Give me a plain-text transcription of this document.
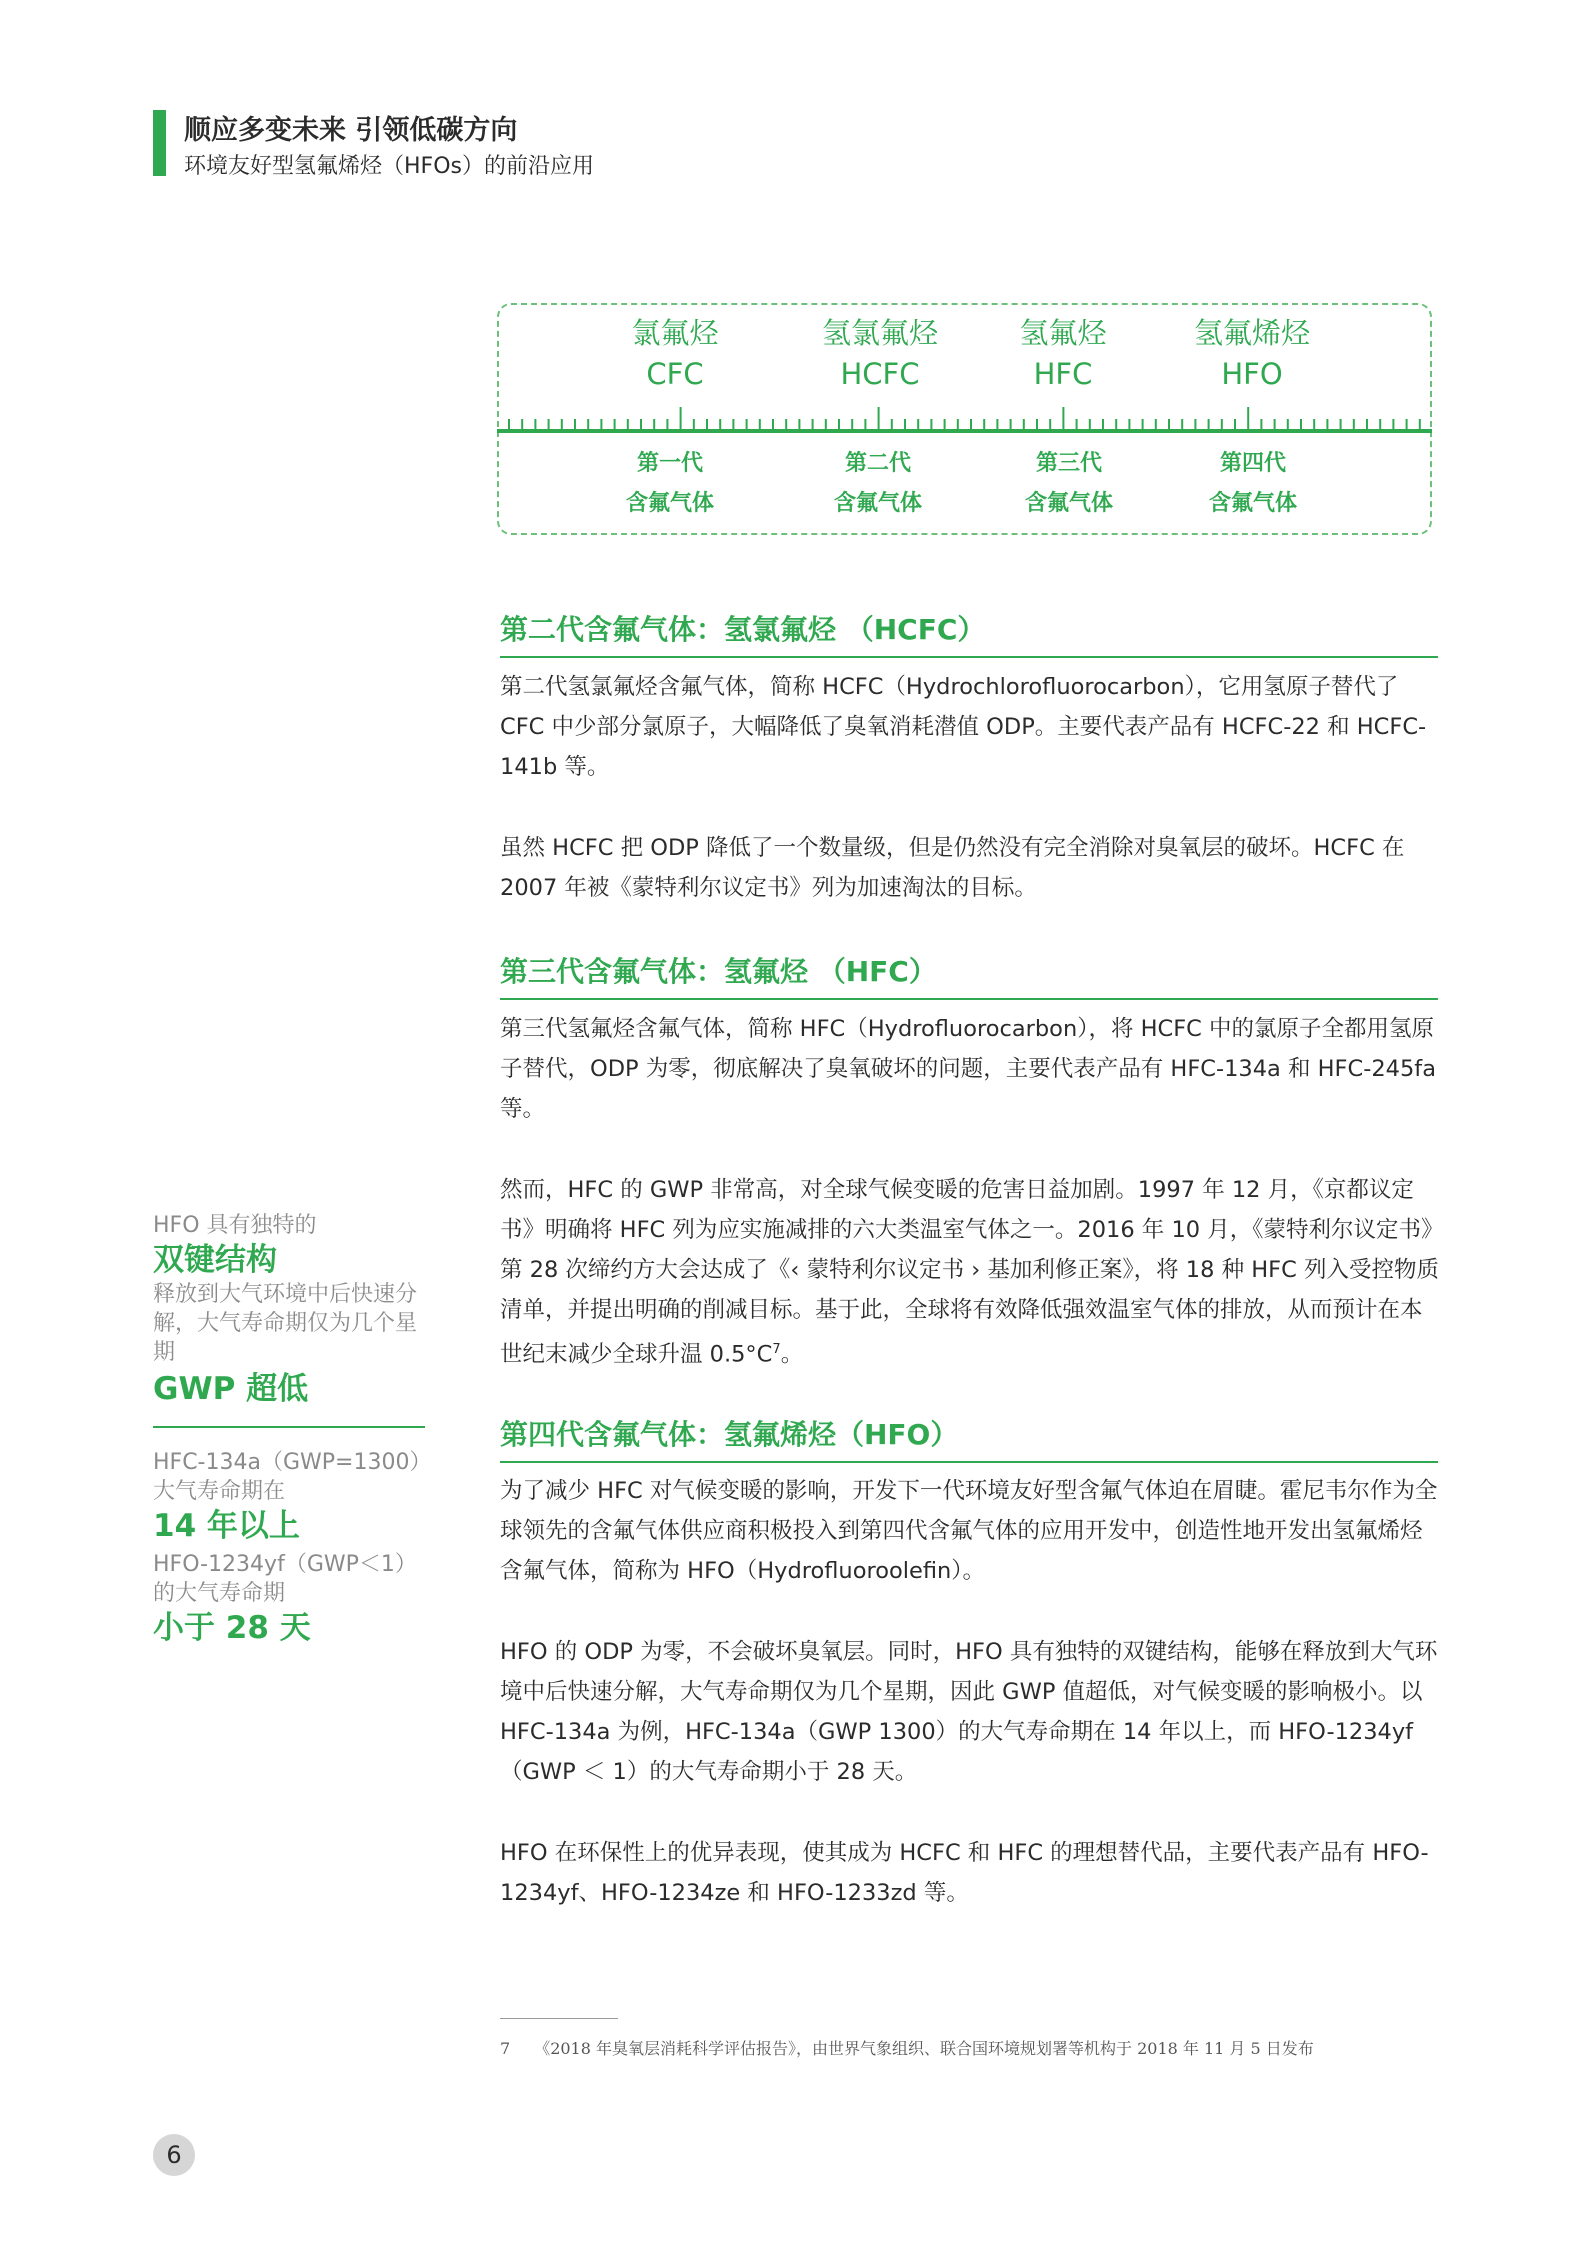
顺应多变未来 引领低碳方向
环境友好型氢氟烯烃（HFOs）的前沿应用
氯氟烃
CFC
氢氯氟烃
HCFC
氢氟烃
HFC
氢氟烯烃
HFO
第一代
含氟气体
第二代
含氟气体
第三代
含氟气体
第四代
含氟气体
第二代含氟气体：氢氯氟烃 （HCFC）
第二代氢氯氟烃含氟气体，简称 HCFC（Hydrochlorofluorocarbon），它用氢原子替代了 CFC 中少部分氯原子，大幅降低了臭氧消耗潜值 ODP。主要代表产品有 HCFC-22 和 HCFC-141b 等。
虽然 HCFC 把 ODP 降低了一个数量级，但是仍然没有完全消除对臭氧层的破坏。HCFC 在 2007 年被《蒙特利尔议定书》列为加速淘汰的目标。
第三代含氟气体：氢氟烃 （HFC）
第三代氢氟烃含氟气体，简称 HFC（Hydrofluorocarbon），将 HCFC 中的氯原子全都用氢原子替代，ODP 为零，彻底解决了臭氧破坏的问题，主要代表产品有 HFC-134a 和 HFC-245fa 等。
然而，HFC 的 GWP 非常高，对全球气候变暖的危害日益加剧。1997 年 12 月，《京都议定书》明确将 HFC 列为应实施减排的六大类温室气体之一。2016 年 10 月，《蒙特利尔议定书》第 28 次缔约方大会达成了《‹ 蒙特利尔议定书 › 基加利修正案》，将 18 种 HFC 列入受控物质清单，并提出明确的削减目标。基于此，全球将有效降低强效温室气体的排放，从而预计在本世纪末减少全球升温 $0.5^\circ C^7$。
第四代含氟气体：氢氟烯烃（HFO）
为了减少 HFC 对气候变暖的影响，开发下一代环境友好型含氟气体迫在眉睫。霍尼韦尔作为全球领先的含氟气体供应商积极投入到第四代含氟气体的应用开发中，创造性地开发出氢氟烯烃含氟气体，简称为 HFO（Hydrofluoroolefin）。
HFO 的 ODP 为零，不会破坏臭氧层。同时，HFO 具有独特的双键结构，能够在释放到大气环境中后快速分解，大气寿命期仅为几个星期，因此 GWP 值超低，对气候变暖的影响极小。以 HFC-134a 为例，HFC-134a（GWP 1300）的大气寿命期在 14 年以上，而 HFO-1234yf（GWP ＜ 1）的大气寿命期小于 28 天。
HFO 在环保性上的优异表现，使其成为 HCFC 和 HFC 的理想替代品，主要代表产品有 HFO-1234yf、HFO-1234ze 和 HFO-1233zd 等。
HFO 具有独特的
双键结构
释放到大气环境中后快速分解，大气寿命期仅为几个星期
GWP 超低
HFC-134a（GWP=1300）
大气寿命期在
14 年以上
HFO-1234yf（GWP＜1）
的大气寿命期
小于 28 天
7 《2018 年臭氧层消耗科学评估报告》，由世界气象组织、联合国环境规划署等机构于 2018 年 11 月 5 日发布
6
